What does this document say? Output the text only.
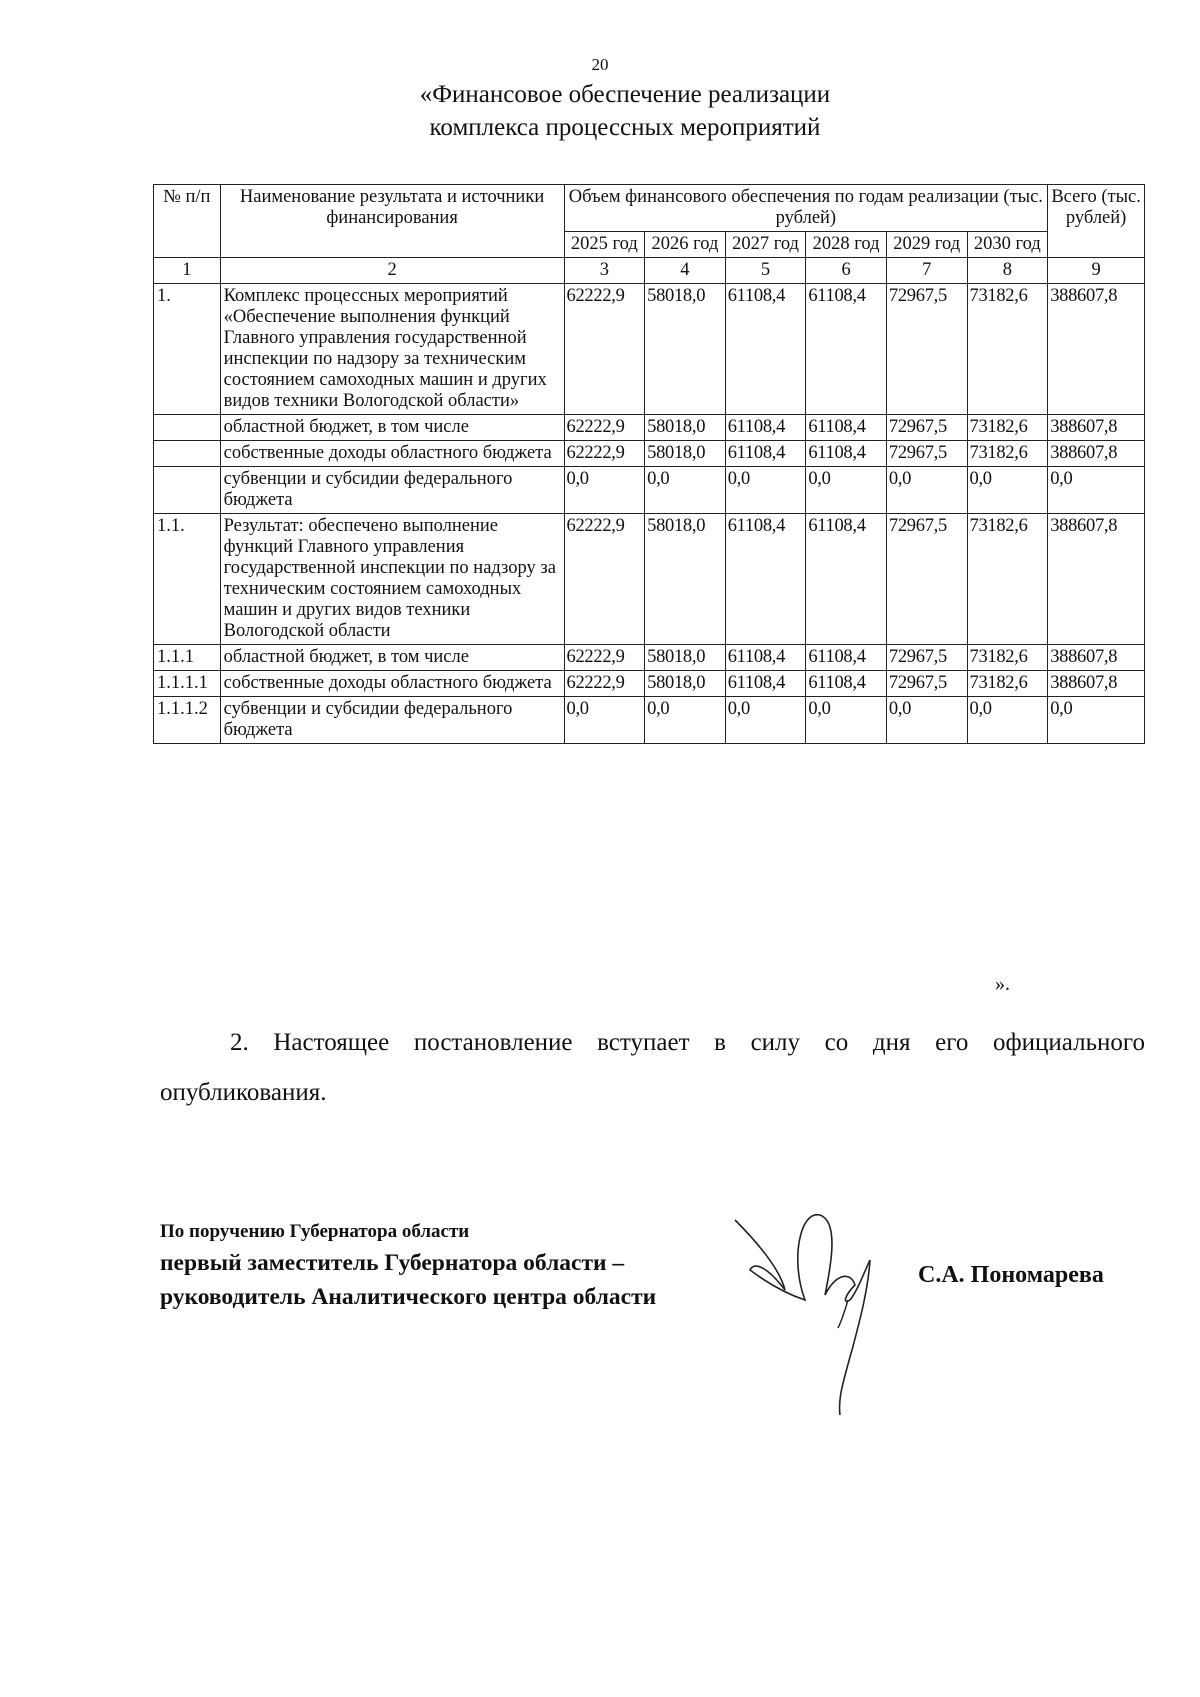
20
«Финансовое обеспечение реализации
комплекса процессных мероприятий
№ п/п	Наименование результата и источники финансирования	Объем финансового обеспечения по годам реализации (тыс. рублей)						Всего (тыс. рублей)
		2025 год	2026 год	2027 год	2028 год	2029 год	2030 год	
1	2	3	4	5	6	7	8	9
1.	Комплекс процессных мероприятий «Обеспечение выполнения функций Главного управления государственной инспекции по надзору за техническим состоянием самоходных машин и других видов техники Вологодской области»	62222,9	58018,0	61108,4	61108,4	72967,5	73182,6	388607,8
	областной бюджет, в том числе	62222,9	58018,0	61108,4	61108,4	72967,5	73182,6	388607,8
	собственные доходы областного бюджета	62222,9	58018,0	61108,4	61108,4	72967,5	73182,6	388607,8
	субвенции и субсидии федерального бюджета	0,0	0,0	0,0	0,0	0,0	0,0	0,0
1.1.	Результат: обеспечено выполнение функций Главного управления государственной инспекции по надзору за техническим состоянием самоходных машин и других видов техники Вологодской области	62222,9	58018,0	61108,4	61108,4	72967,5	73182,6	388607,8
1.1.1	областной бюджет, в том числе	62222,9	58018,0	61108,4	61108,4	72967,5	73182,6	388607,8
1.1.1.1	собственные доходы областного бюджета	62222,9	58018,0	61108,4	61108,4	72967,5	73182,6	388607,8
1.1.1.2	субвенции и субсидии федерального бюджета	0,0	0,0	0,0	0,0	0,0	0,0	0,0
».
2. Настоящее постановление вступает в силу со дня его официального опубликования.
По поручению Губернатора области
первый заместитель Губернатора области –
руководитель Аналитического центра области
С.А. Пономарева
